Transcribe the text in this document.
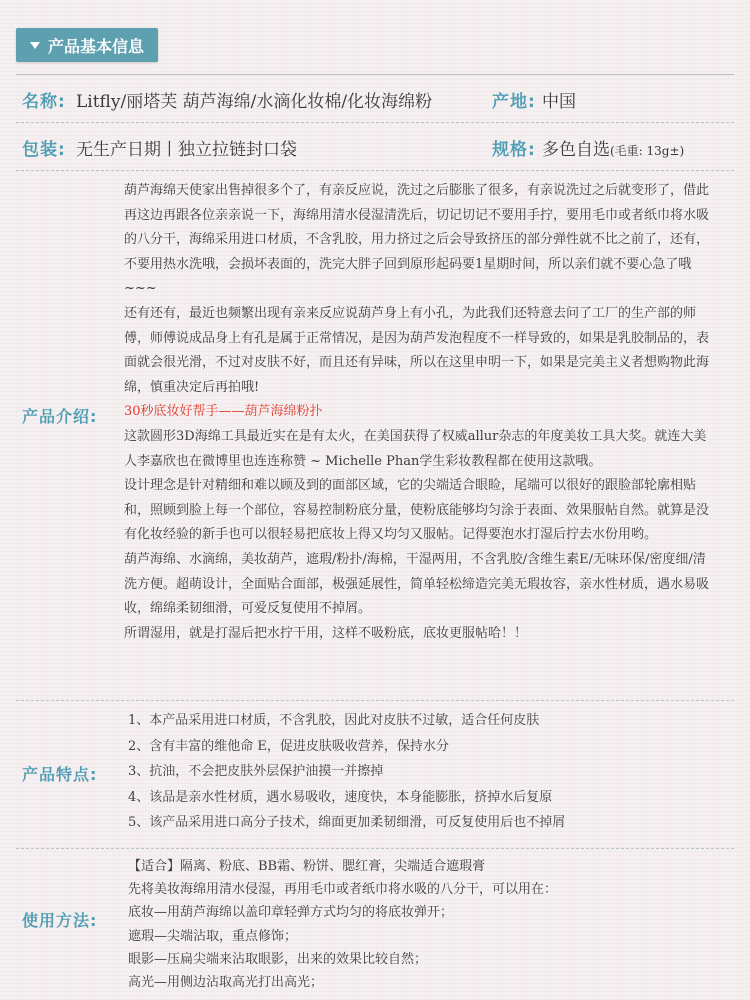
产品基本信息
名称: Litfly/丽塔芙 葫芦海绵/水滴化妆棉/化妆海绵粉	产地: 中国
包装: 无生产日期丨独立拉链封口袋	规格: 多色自选(毛重: 13g±)
产品介绍:

葫芦海绵天使家出售掉很多个了，有亲反应说，洗过之后膨胀了很多，有亲说洗过之后就变形了，借此再这边再跟各位亲亲说一下，海绵用清水侵湿清洗后，切记切记不要用手拧，要用毛巾或者纸巾将水吸的八分干，海绵采用进口材质，不含乳胶，用力挤过之后会导致挤压的部分弹性就不比之前了，还有，不要用热水洗哦，会损坏表面的，洗完大胖子回到原形起码要1星期时间，所以亲们就不要心急了哦~~~

还有还有，最近也频繁出现有亲来反应说葫芦身上有小孔，为此我们还特意去问了工厂的生产部的师傅，师傅说成品身上有孔是属于正常情况，是因为葫芦发泡程度不一样导致的，如果是乳胶制品的，表面就会很光滑，不过对皮肤不好，而且还有异味，所以在这里申明一下，如果是完美主义者想购物此海绵，慎重决定后再拍哦!

30秒底妆好帮手——葫芦海绵粉扑

这款圆形3D海绵工具最近实在是有太火，在美国获得了权威allur杂志的年度美妆工具大奖。就连大美人李嘉欣也在微博里也连连称赞 ~ Michelle Phan学生彩妆教程都在使用这款哦。

设计理念是针对精细和难以顾及到的面部区域，它的尖端适合眼睑，尾端可以很好的跟脸部轮廓相贴和，照顾到脸上每一个部位，容易控制粉底分量，使粉底能够均匀涂于表面、效果服帖自然。就算是没有化妆经验的新手也可以很轻易把底妆上得又均匀又服帖。记得要泡水打湿后拧去水份用哟。

葫芦海绵、水滴绵，美妆葫芦，遮瑕/粉扑/海棉，干湿两用，不含乳胶/含维生素E/无味环保/密度细/清洗方便。超萌设计，全面贴合面部，极强延展性，简单轻松缔造完美无瑕妆容，亲水性材质，遇水易吸收，绵绵柔韧细滑，可爱反复使用不掉屑。

所谓湿用，就是打湿后把水拧干用，这样不吸粉底，底妆更服帖哈！！

产品特点:
1、本产品采用进口材质，不含乳胶，因此对皮肤不过敏，适合任何皮肤
2、含有丰富的维他命 E，促进皮肤吸收营养，保持水分
3、抗油，不会把皮肤外层保护油摸一并擦掉
4、该品是亲水性材质，遇水易吸收，速度快，本身能膨胀，挤掉水后复原
5、该产品采用进口高分子技术，绵面更加柔韧细滑，可反复使用后也不掉屑
使用方法:
【适合】隔离、粉底、BB霜、粉饼、腮红膏，尖端适合遮瑕膏
先将美妆海绵用清水侵湿，再用毛巾或者纸巾将水吸的八分干，可以用在：
底妆—用葫芦海绵以盖印章轻弹方式均匀的将底妆弹开；
遮瑕—尖端沾取，重点修饰；
眼影—压扁尖端来沾取眼影，出来的效果比较自然；
高光—用侧边沾取高光打出高光；
